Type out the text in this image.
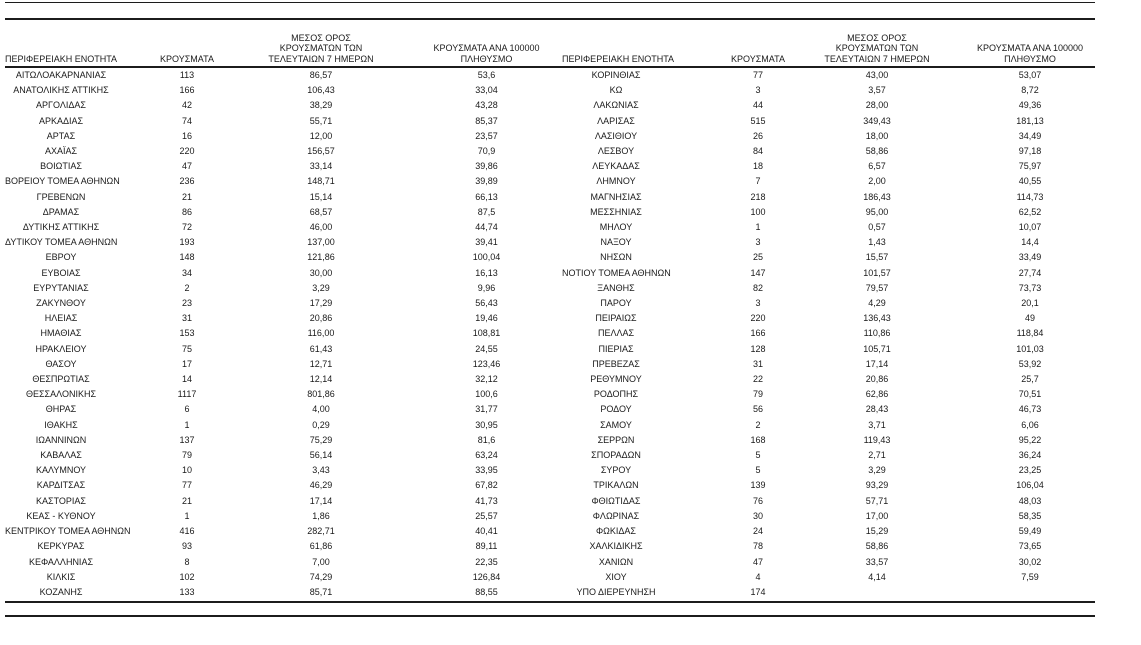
ΠΕΡΙΦΕΡΕΙΑΚΗ ΕΝΟΤΗΤΑ	ΚΡΟΥΣΜΑΤΑ	ΜΕΣΟΣ ΟΡΟΣ
ΚΡΟΥΣΜΑΤΩΝ ΤΩΝ
ΤΕΛΕΥΤΑΙΩΝ 7 ΗΜΕΡΩΝ	ΚΡΟΥΣΜΑΤΑ ΑΝΑ 100000
ΠΛΗΘΥΣΜΟ

ΑΙΤΩΛΟΑΚΑΡΝΑΝΙΑΣ	113	86,57	53,6
ΑΝΑΤΟΛΙΚΗΣ ΑΤΤΙΚΗΣ	166	106,43	33,04
ΑΡΓΟΛΙΔΑΣ	42	38,29	43,28
ΑΡΚΑΔΙΑΣ	74	55,71	85,37
ΑΡΤΑΣ	16	12,00	23,57
ΑΧΑΪΑΣ	220	156,57	70,9
ΒΟΙΩΤΙΑΣ	47	33,14	39,86
ΒΟΡΕΙΟΥ ΤΟΜΕΑ ΑΘΗΝΩΝ	236	148,71	39,89
ΓΡΕΒΕΝΩΝ	21	15,14	66,13
ΔΡΑΜΑΣ	86	68,57	87,5
ΔΥΤΙΚΗΣ ΑΤΤΙΚΗΣ	72	46,00	44,74
ΔΥΤΙΚΟΥ ΤΟΜΕΑ ΑΘΗΝΩΝ	193	137,00	39,41
ΕΒΡΟΥ	148	121,86	100,04
ΕΥΒΟΙΑΣ	34	30,00	16,13
ΕΥΡΥΤΑΝΙΑΣ	2	3,29	9,96
ΖΑΚΥΝΘΟΥ	23	17,29	56,43
ΗΛΕΙΑΣ	31	20,86	19,46
ΗΜΑΘΙΑΣ	153	116,00	108,81
ΗΡΑΚΛΕΙΟΥ	75	61,43	24,55
ΘΑΣΟΥ	17	12,71	123,46
ΘΕΣΠΡΩΤΙΑΣ	14	12,14	32,12
ΘΕΣΣΑΛΟΝΙΚΗΣ	1117	801,86	100,6
ΘΗΡΑΣ	6	4,00	31,77
ΙΘΑΚΗΣ	1	0,29	30,95
ΙΩΑΝΝΙΝΩΝ	137	75,29	81,6
ΚΑΒΑΛΑΣ	79	56,14	63,24
ΚΑΛΥΜΝΟΥ	10	3,43	33,95
ΚΑΡΔΙΤΣΑΣ	77	46,29	67,82
ΚΑΣΤΟΡΙΑΣ	21	17,14	41,73
ΚΕΑΣ - ΚΥΘΝΟΥ	1	1,86	25,57
ΚΕΝΤΡΙΚΟΥ ΤΟΜΕΑ ΑΘΗΝΩΝ	416	282,71	40,41
ΚΕΡΚΥΡΑΣ	93	61,86	89,11
ΚΕΦΑΛΛΗΝΙΑΣ	8	7,00	22,35
ΚΙΛΚΙΣ	102	74,29	126,84
ΚΟΖΑΝΗΣ	133	85,71	88,55
ΠΕΡΙΦΕΡΕΙΑΚΗ ΕΝΟΤΗΤΑ	ΚΡΟΥΣΜΑΤΑ	ΜΕΣΟΣ ΟΡΟΣ
ΚΡΟΥΣΜΑΤΩΝ ΤΩΝ
ΤΕΛΕΥΤΑΙΩΝ 7 ΗΜΕΡΩΝ	ΚΡΟΥΣΜΑΤΑ ΑΝΑ 100000
ΠΛΗΘΥΣΜΟ

ΚΟΡΙΝΘΙΑΣ	77	43,00	53,07
ΚΩ	3	3,57	8,72
ΛΑΚΩΝΙΑΣ	44	28,00	49,36
ΛΑΡΙΣΑΣ	515	349,43	181,13
ΛΑΣΙΘΙΟΥ	26	18,00	34,49
ΛΕΣΒΟΥ	84	58,86	97,18
ΛΕΥΚΑΔΑΣ	18	6,57	75,97
ΛΗΜΝΟΥ	7	2,00	40,55
ΜΑΓΝΗΣΙΑΣ	218	186,43	114,73
ΜΕΣΣΗΝΙΑΣ	100	95,00	62,52
ΜΗΛΟΥ	1	0,57	10,07
ΝΑΞΟΥ	3	1,43	14,4
ΝΗΣΩΝ	25	15,57	33,49
ΝΟΤΙΟΥ ΤΟΜΕΑ ΑΘΗΝΩΝ	147	101,57	27,74
ΞΑΝΘΗΣ	82	79,57	73,73
ΠΑΡΟΥ	3	4,29	20,1
ΠΕΙΡΑΙΩΣ	220	136,43	49
ΠΕΛΛΑΣ	166	110,86	118,84
ΠΙΕΡΙΑΣ	128	105,71	101,03
ΠΡΕΒΕΖΑΣ	31	17,14	53,92
ΡΕΘΥΜΝΟΥ	22	20,86	25,7
ΡΟΔΟΠΗΣ	79	62,86	70,51
ΡΟΔΟΥ	56	28,43	46,73
ΣΑΜΟΥ	2	3,71	6,06
ΣΕΡΡΩΝ	168	119,43	95,22
ΣΠΟΡΑΔΩΝ	5	2,71	36,24
ΣΥΡΟΥ	5	3,29	23,25
ΤΡΙΚΑΛΩΝ	139	93,29	106,04
ΦΘΙΩΤΙΔΑΣ	76	57,71	48,03
ΦΛΩΡΙΝΑΣ	30	17,00	58,35
ΦΩΚΙΔΑΣ	24	15,29	59,49
ΧΑΛΚΙΔΙΚΗΣ	78	58,86	73,65
ΧΑΝΙΩΝ	47	33,57	30,02
ΧΙΟΥ	4	4,14	7,59
ΥΠΟ ΔΙΕΡΕΥΝΗΣΗ	174		
